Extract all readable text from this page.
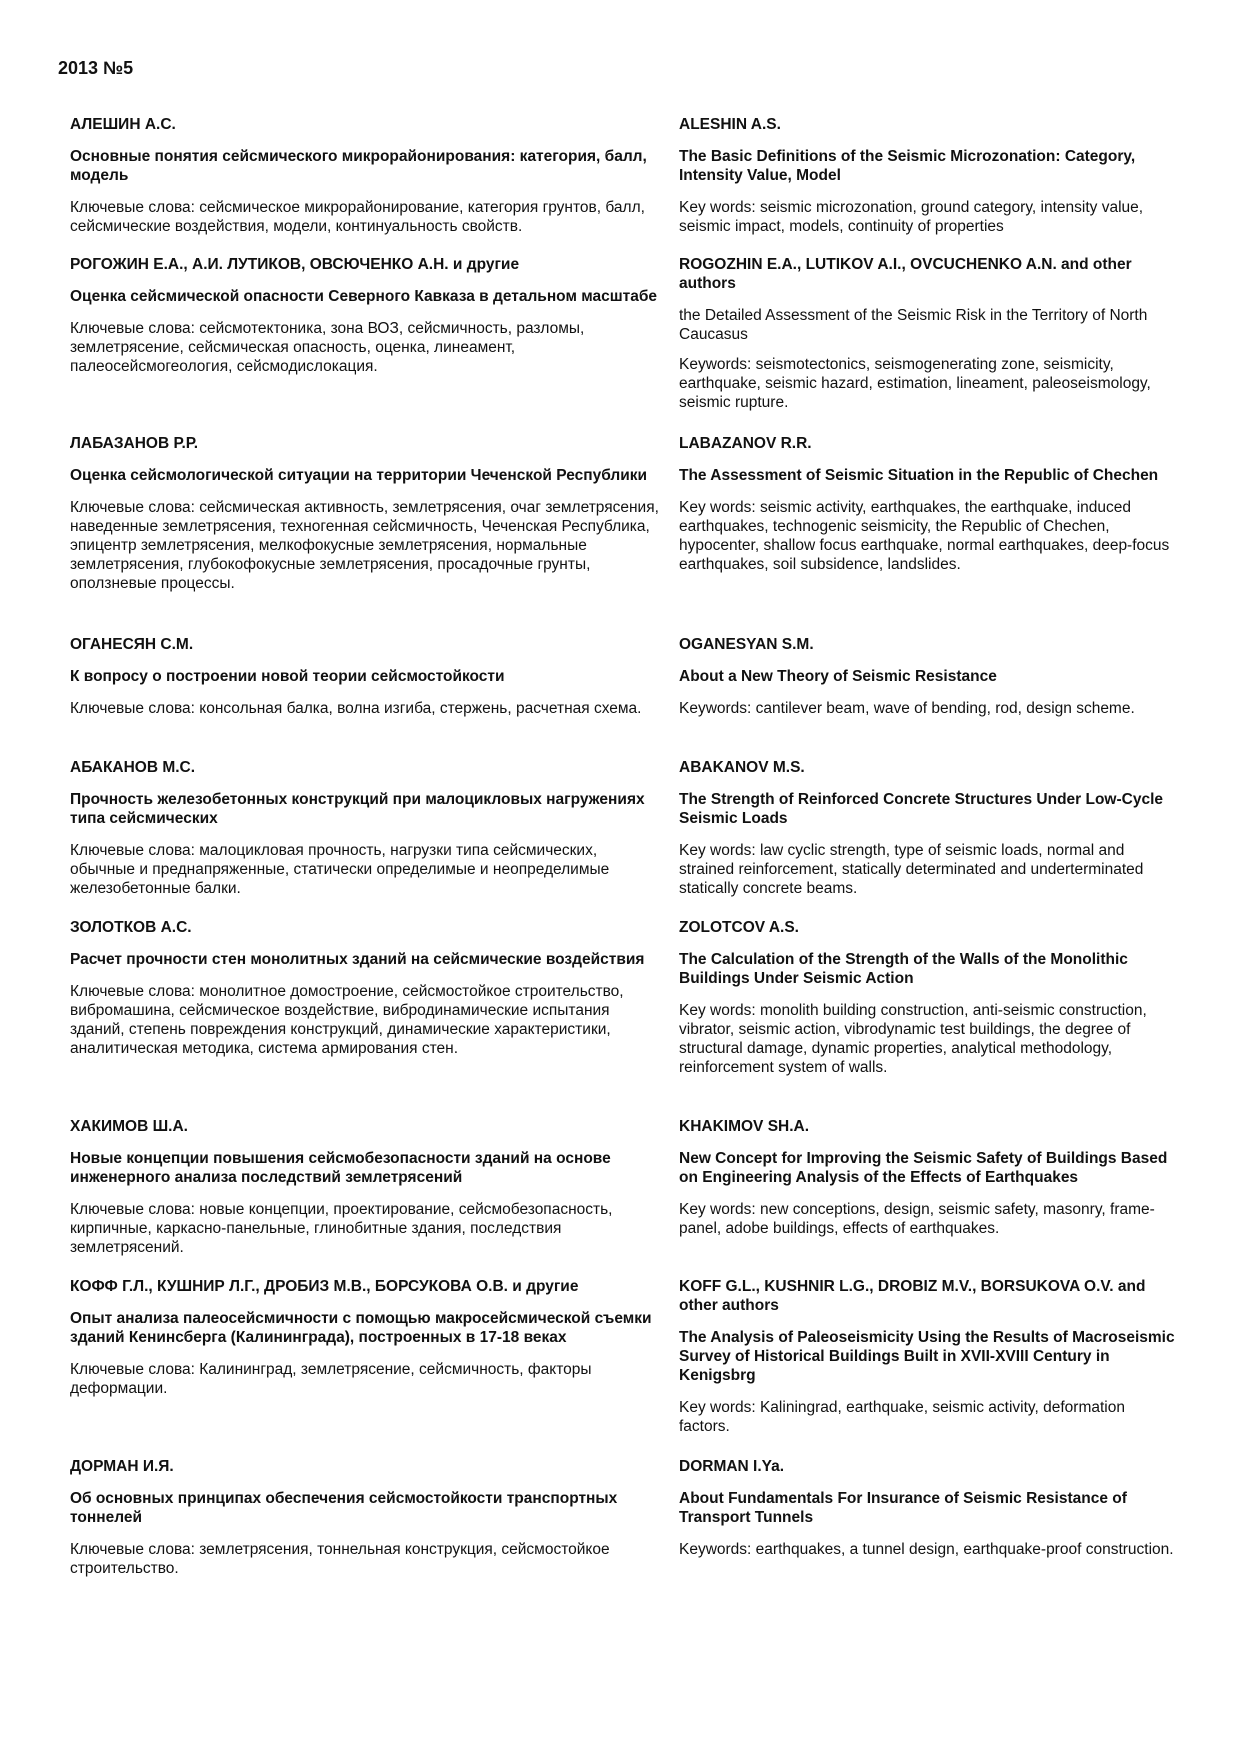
2013 №5

АЛЕШИН А.С.

Основные понятия сейсмического микрорайонирования: категория, балл, модель

Ключевые слова: сейсмическое микрорайонирование, категория грунтов, балл, сейсмические воздействия, модели, континуальность свойств.

ALESHIN A.S.

The Basic Definitions of the Seismic Microzonation: Category, Intensity Value, Model

Key words: seismic microzonation, ground category, intensity value, seismic impact, models, continuity of properties

РОГОЖИН Е.А., А.И. ЛУТИКОВ, ОВСЮЧЕНКО А.Н. и другие

Оценка сейсмической опасности Северного Кавказа в детальном масштабе

Ключевые слова: сейсмотектоника, зона ВОЗ, сейсмичность, разломы, землетрясение, сейсмическая опасность, оценка, линеамент, палеосейсмогеология, сейсмодислокация.

ROGOZHIN E.A., LUTIKOV A.I., OVCUCHENKO A.N. and other authors

the Detailed Assessment of the Seismic Risk in the Territory of North Caucasus

Keywords: seismotectonics, seismogenerating zone, seismicity, earthquake, seismic hazard, estimation, lineament, paleoseismology, seismic rupture.

ЛАБАЗАНОВ Р.Р.

Оценка сейсмологической ситуации на территории Чеченской Республики

Ключевые слова: сейсмическая активность, землетрясения, очаг землетрясения, наведенные землетрясения, техногенная сейсмичность, Чеченская Республика, эпицентр землетрясения, мелкофокусные землетрясения, нормальные землетрясения, глубокофокусные землетрясения, просадочные грунты, оползневые процессы.

LABAZANOV R.R.

The Assessment of Seismic Situation in the Republic of Chechen

Key words: seismic activity, earthquakes, the earthquake, induced earthquakes, technogenic seismicity, the Republic of Chechen, hypocenter, shallow focus earthquake, normal earthquakes, deep-focus earthquakes, soil subsidence, landslides.

ОГАНЕСЯН С.М.

К вопросу о построении новой теории сейсмостойкости

Ключевые слова: консольная балка, волна изгиба, стержень, расчетная схема.

OGANESYAN S.M.

About a New Theory of Seismic Resistance

Keywords: cantilever beam, wave of bending, rod, design scheme.

АБАКАНОВ М.С.

Прочность железобетонных конструкций при малоцикловых нагружениях типа сейсмических

Ключевые слова: малоцикловая прочность, нагрузки типа сейсмических, обычные и преднапряженные, статически определимые и неопределимые железобетонные балки.

ABAKANOV M.S.

The Strength of Reinforced Concrete Structures Under Low-Cycle Seismic Loads

Key words: law cyclic strength, type of seismic loads, normal and strained reinforcement, statically determinated and underterminated statically concrete beams.

ЗОЛОТКОВ А.С.

Расчет прочности стен монолитных зданий на сейсмические воздействия

Ключевые слова: монолитное домостроение, сейсмостойкое строительство, вибромашина, сейсмическое воздействие, вибродинамические испытания зданий, степень повреждения конструкций, динамические характеристики, аналитическая методика, система армирования стен.

ZOLOTCOV A.S.

The Calculation of the Strength of the Walls of the Monolithic Buildings Under Seismic Action

Key words: monolith building construction, anti-seismic construction, vibrator, seismic action, vibrodynamic test buildings, the degree of structural damage, dynamic properties, analytical methodology, reinforcement system of walls.

ХАКИМОВ Ш.А.

Новые концепции повышения сейсмобезопасности зданий на основе инженерного анализа последствий землетрясений

Ключевые слова: новые концепции, проектирование, сейсмобезопасность, кирпичные, каркасно-панельные, глинобитные здания, последствия землетрясений.

KHAKIMOV SH.A.

New Concept for Improving the Seismic Safety of Buildings Based on Engineering Analysis of the Effects of Earthquakes

Key words: new conceptions, design, seismic safety, masonry, frame-panel, adobe buildings, effects of earthquakes.

КОФФ Г.Л., КУШНИР Л.Г., ДРОБИЗ М.В., БОРСУКОВА О.В. и другие

Опыт анализа палеосейсмичности с помощью макросейсмической съемки зданий Кенинсберга (Калининграда), построенных в 17-18 веках

Ключевые слова: Калининград, землетрясение, сейсмичность, факторы деформации.

KOFF G.L., KUSHNIR L.G., DROBIZ M.V., BORSUKOVA O.V. and other authors

The Analysis of Paleoseismicity Using the Results of Macroseismic Survey of Historical Buildings Built in XVII-XVIII Century in Kenigsbrg

Key words: Kaliningrad, earthquake, seismic activity, deformation factors.

ДОРМАН И.Я.

Об основных принципах обеспечения сейсмостойкости транспортных тоннелей

Ключевые слова: землетрясения, тоннельная конструкция, сейсмостойкое строительство.

DORMAN I.Ya.

About Fundamentals For Insurance of Seismic Resistance of Transport Tunnels

Keywords: earthquakes, a tunnel design, earthquake-proof construction.
